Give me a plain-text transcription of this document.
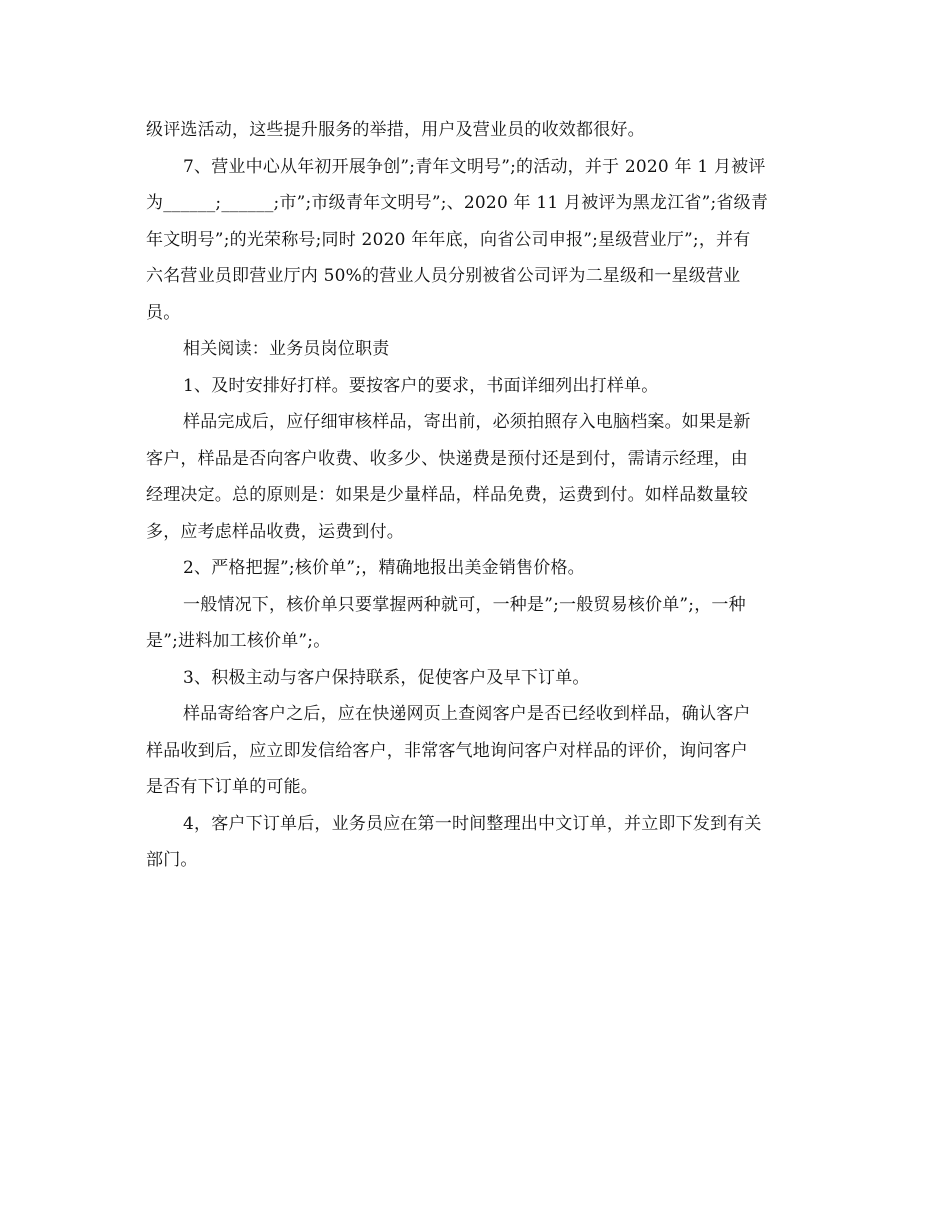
级评选活动，这些提升服务的举措，用户及营业员的收效都很好。
7、营业中心从年初开展争创”;青年文明号”;的活动，并于 2020 年 1 月被评
为______;______;市”;市级青年文明号”;、2020 年 11 月被评为黑龙江省”;省级青
年文明号”;的光荣称号;同时 2020 年年底，向省公司申报”;星级营业厅”;，并有
六名营业员即营业厅内 50%的营业人员分别被省公司评为二星级和一星级营业
员。
相关阅读：业务员岗位职责
1、及时安排好打样。要按客户的要求，书面详细列出打样单。
样品完成后，应仔细审核样品，寄出前，必须拍照存入电脑档案。如果是新
客户，样品是否向客户收费、收多少、快递费是预付还是到付，需请示经理，由
经理决定。总的原则是：如果是少量样品，样品免费，运费到付。如样品数量较
多，应考虑样品收费，运费到付。
2、严格把握”;核价单”;，精确地报出美金销售价格。
一般情况下，核价单只要掌握两种就可，一种是”;一般贸易核价单”;，一种
是”;进料加工核价单”;。
3、积极主动与客户保持联系，促使客户及早下订单。
样品寄给客户之后，应在快递网页上查阅客户是否已经收到样品，确认客户
样品收到后，应立即发信给客户，非常客气地询问客户对样品的评价，询问客户
是否有下订单的可能。
4，客户下订单后，业务员应在第一时间整理出中文订单，并立即下发到有关
部门。
